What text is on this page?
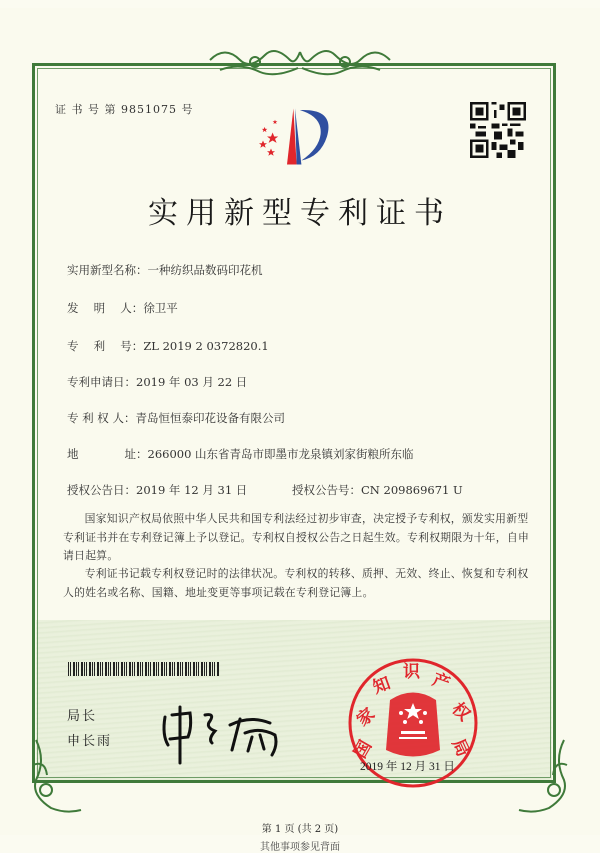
证 书 号 第 9851075 号
实用新型专利证书
实用新型名称：一种纺织品数码印花机
发　 明　 人：徐卫平
专　 利　 号：ZL 2019 2 0372820.1
专利申请日：2019 年 03 月 22 日
专 利 权 人：青岛恒恒泰印花设备有限公司
地　　　　址：266000 山东省青岛市即墨市龙泉镇刘家街粮所东临
授权公告日：2019 年 12 月 31 日	授权公告号：CN 209869671 U
国家知识产权局依照中华人民共和国专利法经过初步审查，决定授予专利权，颁发实用新型专利证书并在专利登记簿上予以登记。专利权自授权公告之日起生效。专利权期限为十年，自申请日起算。
专利证书记载专利权登记时的法律状况。专利权的转移、质押、无效、终止、恢复和专利权人的姓名或名称、国籍、地址变更等事项记载在专利登记簿上。
局长
申长雨	国
家
知
识 产
权
局
2019 年 12 月 31 日
第 1 页 (共 2 页)
其他事项参见背面
